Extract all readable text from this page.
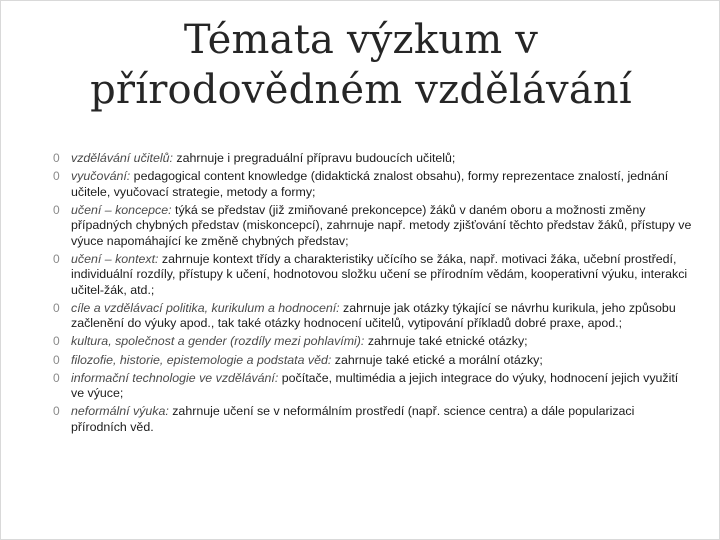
Témata výzkum v
přírodovědném vzdělávání
0 vzdělávání učitelů: zahrnuje i pregraduální přípravu budoucích učitelů;
0 vyučování: pedagogical content knowledge (didaktická znalost obsahu), formy reprezentace znalostí, jednání učitele, vyučovací strategie, metody a formy;
0 učení – koncepce: týká se představ (již zmiňované prekoncepce) žáků v daném oboru a možnosti změny případných chybných představ (miskoncepcí), zahrnuje např. metody zjišťování těchto představ žáků, přístupy ve výuce napomáhající ke změně chybných představ;
0 učení – kontext: zahrnuje kontext třídy a charakteristiky učícího se žáka, např. motivaci žáka, učební prostředí, individuální rozdíly, přístupy k učení, hodnotovou složku učení se přírodním vědám, kooperativní výuku, interakci učitel-žák, atd.;
0 cíle a vzdělávací politika, kurikulum a hodnocení: zahrnuje jak otázky týkající se návrhu kurikula, jeho způsobu začlenění do výuky apod., tak také otázky hodnocení učitelů, vytipování příkladů dobré praxe, apod.;
0 kultura, společnost a gender (rozdíly mezi pohlavími): zahrnuje také etnické otázky;
0 filozofie, historie, epistemologie a podstata věd: zahrnuje také etické a morální otázky;
0 informační technologie ve vzdělávání: počítače, multimédia a jejich integrace do výuky, hodnocení jejich využití ve výuce;
0 neformální výuka: zahrnuje učení se v neformálním prostředí (např. science centra) a dále popularizaci přírodních věd.
